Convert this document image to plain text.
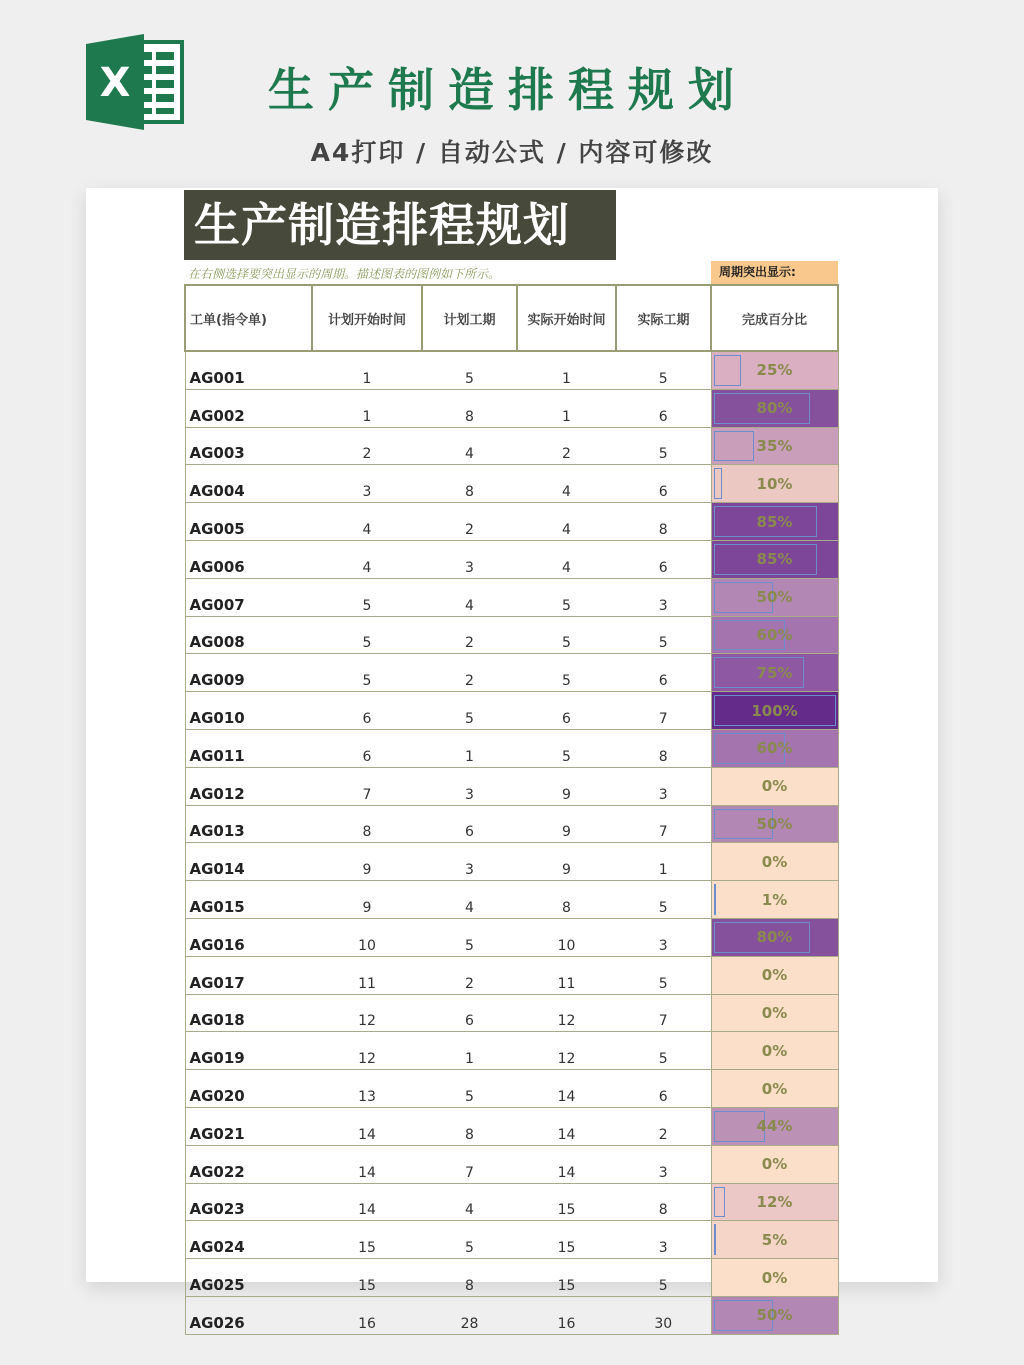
X	生产制造排程规划
A4打印 / 自动公式 / 内容可修改
生产制造排程规划
在右侧选择要突出显示的周期。描述图表的图例如下所示。	周期突出显示:
工单(指令单)	计划开始时间	计划工期	实际开始时间	实际工期	完成百分比
AG001	1	5	1	5	25%
AG002	1	8	1	6	80%
AG003	2	4	2	5	35%
AG004	3	8	4	6	10%
AG005	4	2	4	8	85%
AG006	4	3	4	6	85%
AG007	5	4	5	3	50%
AG008	5	2	5	5	60%
AG009	5	2	5	6	75%
AG010	6	5	6	7	100%
AG011	6	1	5	8	60%
AG012	7	3	9	3	0%
AG013	8	6	9	7	50%
AG014	9	3	9	1	0%
AG015	9	4	8	5	1%
AG016	10	5	10	3	80%
AG017	11	2	11	5	0%
AG018	12	6	12	7	0%
AG019	12	1	12	5	0%
AG020	13	5	14	6	0%
AG021	14	8	14	2	44%
AG022	14	7	14	3	0%
AG023	14	4	15	8	12%
AG024	15	5	15	3	5%
AG025	15	8	15	5	0%
AG026	16	28	16	30	50%
